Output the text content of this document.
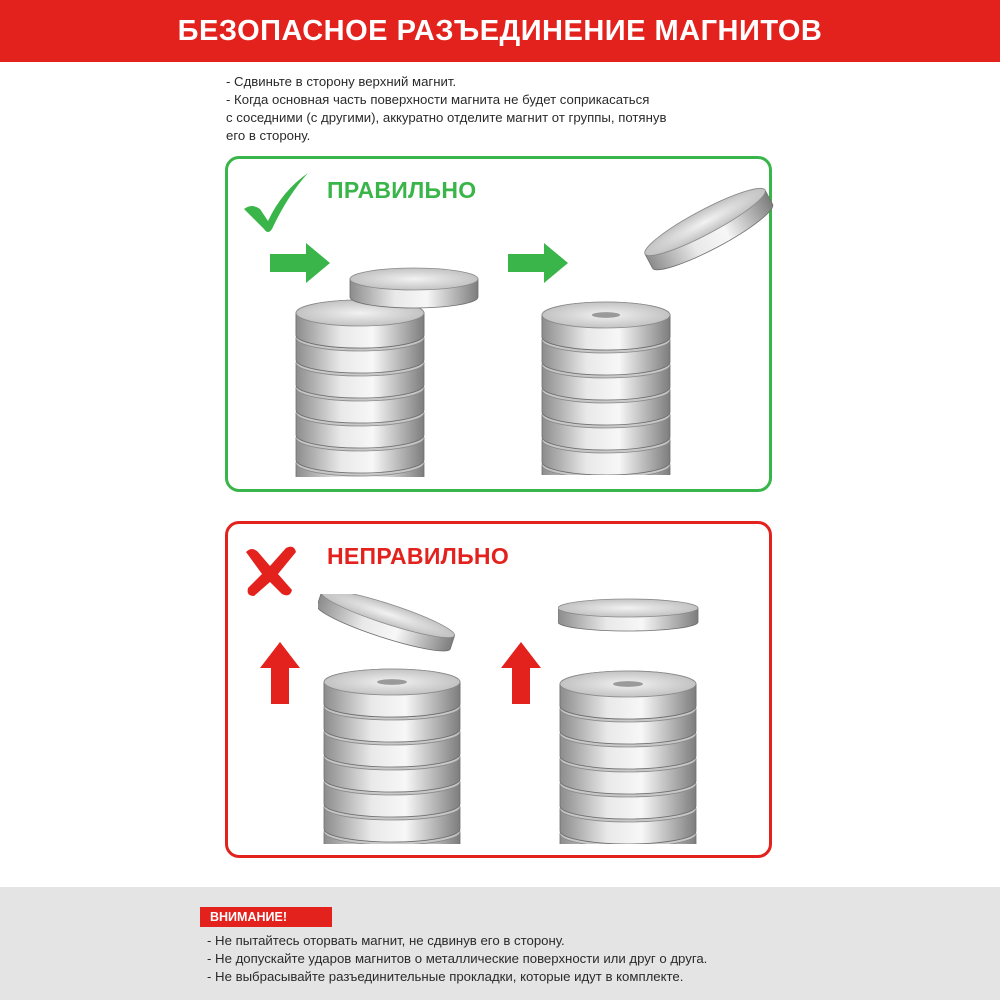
БЕЗОПАСНОЕ РАЗЪЕДИНЕНИЕ МАГНИТОВ
- Сдвиньте в сторону верхний магнит.
- Когда основная часть поверхности магнита не будет соприкасаться
с соседними (с другими), аккуратно отделите магнит от группы, потянув
его в сторону.
ПРАВИЛЬНО
НЕПРАВИЛЬНО
ВНИМАНИЕ!
- Не пытайтесь оторвать магнит, не сдвинув его в сторону.
- Не допускайте ударов магнитов о металлические поверхности или друг о друга.
- Не выбрасывайте разъединительные прокладки, которые идут в комплекте.
